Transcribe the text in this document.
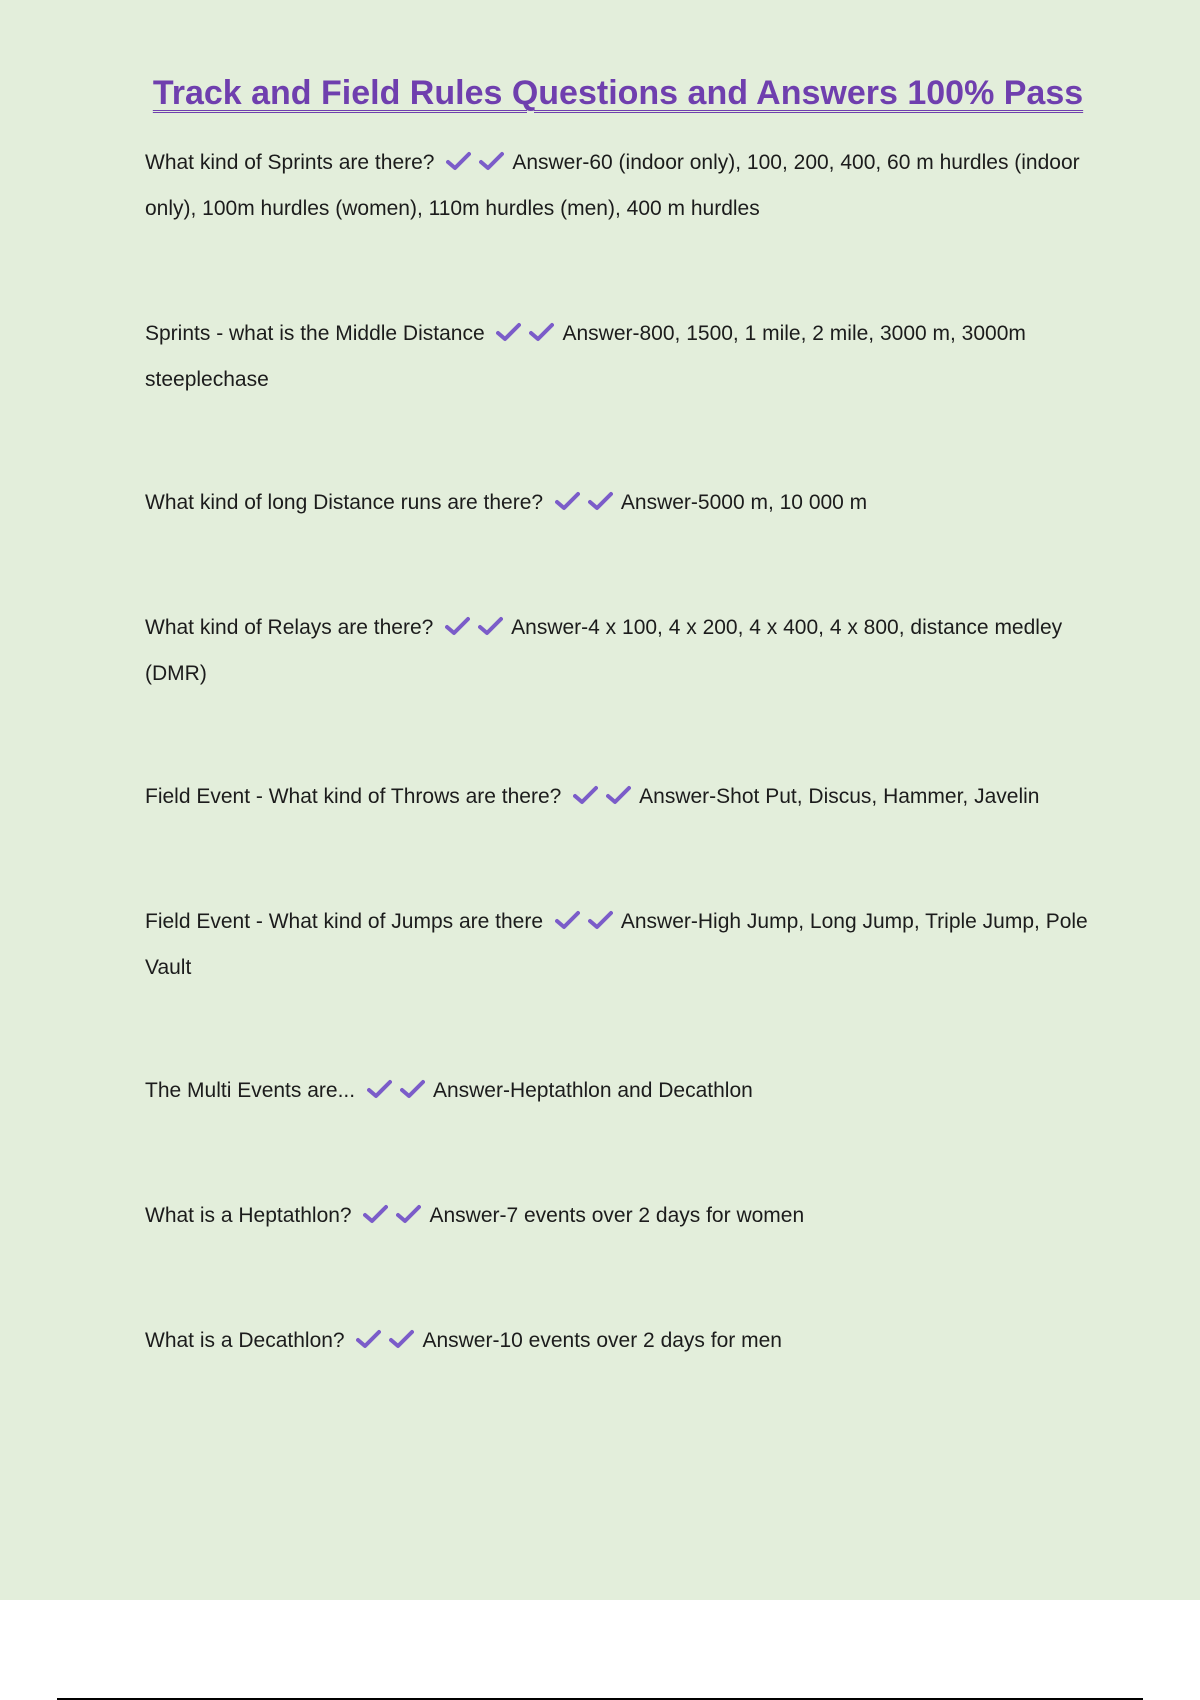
Track and Field Rules Questions and Answers 100% Pass

What kind of Sprints are there?	Answer-60 (indoor only), 100, 200, 400, 60 m hurdles (indoor only), 100m hurdles (women), 110m hurdles (men), 400 m hurdles

Sprints - what is the Middle Distance	Answer-800, 1500, 1 mile, 2 mile, 3000 m, 3000m steeplechase

What kind of long Distance runs are there?	Answer-5000 m, 10 000 m

What kind of Relays are there?	Answer-4 x 100, 4 x 200, 4 x 400, 4 x 800, distance medley (DMR)

Field Event - What kind of Throws are there?	Answer-Shot Put, Discus, Hammer, Javelin

Field Event - What kind of Jumps are there	Answer-High Jump, Long Jump, Triple Jump, Pole Vault

The Multi Events are...	Answer-Heptathlon and Decathlon

What is a Heptathlon?	Answer-7 events over 2 days for women

What is a Decathlon?	Answer-10 events over 2 days for men
